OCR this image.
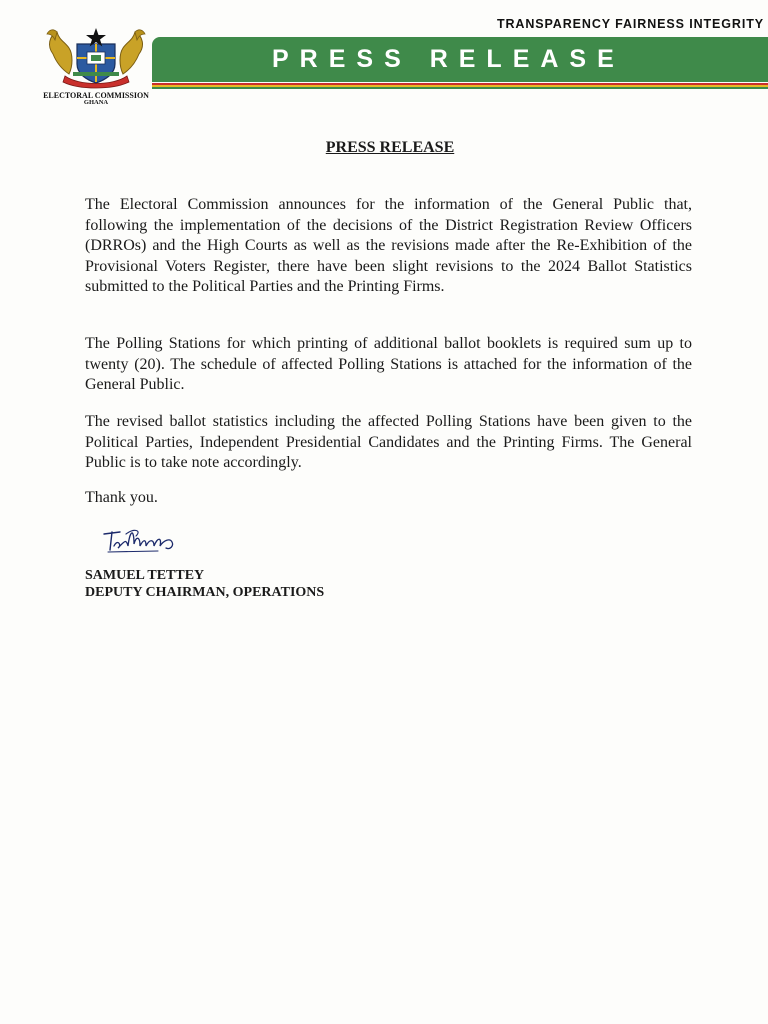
TRANSPARENCY FAIRNESS INTEGRITY
ELECTORAL COMMISSION
GHANA
PRESS RELEASE
PRESS RELEASE

The Electoral Commission announces for the information of the General Public that, following the implementation of the decisions of the District Registration Review Officers (DRROs) and the High Courts as well as the revisions made after the Re-Exhibition of the Provisional Voters Register, there have been slight revisions to the 2024 Ballot Statistics submitted to the Political Parties and the Printing Firms.

The Polling Stations for which printing of additional ballot booklets is required sum up to twenty (20). The schedule of affected Polling Stations is attached for the information of the General Public.

The revised ballot statistics including the affected Polling Stations have been given to the Political Parties, Independent Presidential Candidates and the Printing Firms. The General Public is to take note accordingly.

Thank you.

SAMUEL TETTEY
DEPUTY CHAIRMAN, OPERATIONS
